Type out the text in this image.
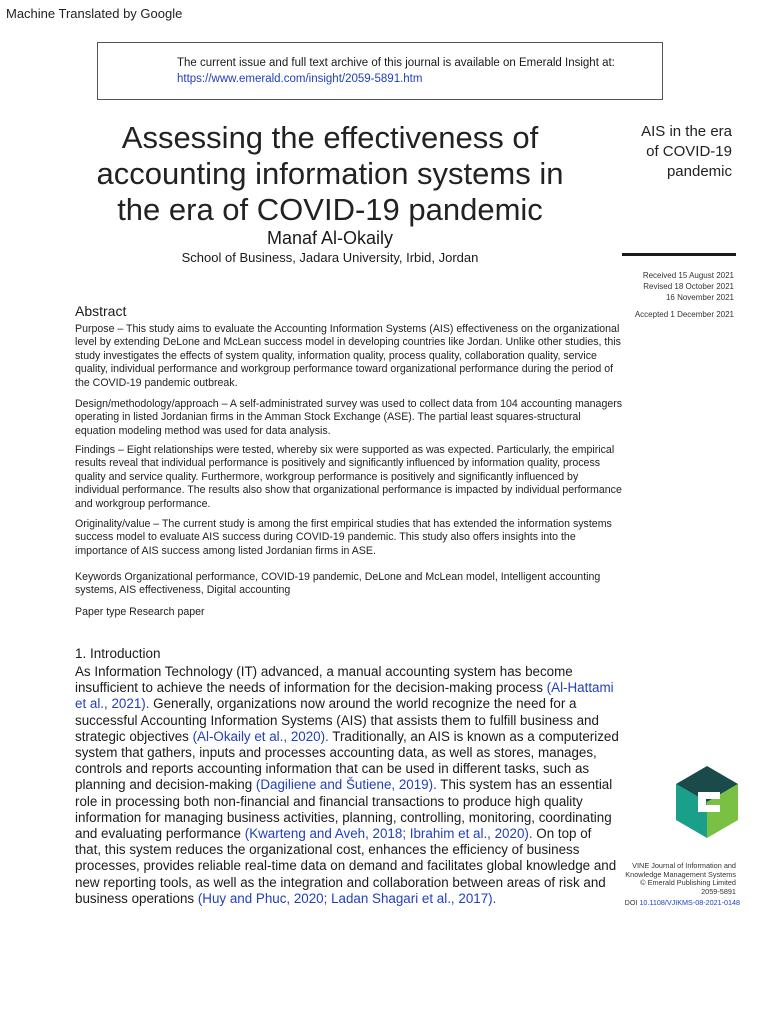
Machine Translated by Google
The current issue and full text archive of this journal is available on Emerald Insight at:
https://www.emerald.com/insight/2059-5891.htm
Assessing the effectiveness of
accounting information systems in
the era of COVID-19 pandemic
Manaf Al-Okaily
School of Business, Jadara University, Irbid, Jordan
AIS in the era
of COVID-19
pandemic
Received 15 August 2021
Revised 18 October 2021
16 November 2021
Accepted 1 December 2021
Abstract
Purpose – This study aims to evaluate the Accounting Information Systems (AIS) effectiveness on the organizational level by extending DeLone and McLean success model in developing countries like Jordan. Unlike other studies, this study investigates the effects of system quality, information quality, process quality, collaboration quality, service quality, individual performance and workgroup performance toward organizational performance during the period of the COVID-19 pandemic outbreak.
Design/methodology/approach – A self-administrated survey was used to collect data from 104 accounting managers operating in listed Jordanian firms in the Amman Stock Exchange (ASE). The partial least squares-structural equation modeling method was used for data analysis.
Findings – Eight relationships were tested, whereby six were supported as was expected. Particularly, the empirical results reveal that individual performance is positively and significantly influenced by information quality, process quality and service quality. Furthermore, workgroup performance is positively and significantly influenced by individual performance. The results also show that organizational performance is impacted by individual performance and workgroup performance.
Originality/value – The current study is among the first empirical studies that has extended the information systems success model to evaluate AIS success during COVID-19 pandemic. This study also offers insights into the importance of AIS success among listed Jordanian firms in ASE.
Keywords Organizational performance, COVID-19 pandemic, DeLone and McLean model, Intelligent accounting systems, AIS effectiveness, Digital accounting
Paper type Research paper
1. Introduction
As Information Technology (IT) advanced, a manual accounting system has become insufficient to achieve the needs of information for the decision-making process (Al-Hattami et al., 2021). Generally, organizations now around the world recognize the need for a successful Accounting Information Systems (AIS) that assists them to fulfill business and strategic objectives (Al-Okaily et al., 2020). Traditionally, an AIS is known as a computerized system that gathers, inputs and processes accounting data, as well as stores, manages, controls and reports accounting information that can be used in different tasks, such as planning and decision-making (Dagiliene and Šutiene, 2019). This system has an essential role in processing both non-financial and financial transactions to produce high quality information for managing business activities, planning, controlling, monitoring, coordinating and evaluating performance (Kwarteng and Aveh, 2018; Ibrahim et al., 2020). On top of that, this system reduces the organizational cost, enhances the efficiency of business processes, provides reliable real-time data on demand and facilitates global knowledge and new reporting tools, as well as the integration and collaboration between areas of risk and business operations (Huy and Phuc, 2020; Ladan Shagari et al., 2017).
VINE Journal of Information and
Knowledge Management Systems
© Emerald Publishing Limited
2059-5891
DOI 10.1108/VJIKMS-08-2021-0148
